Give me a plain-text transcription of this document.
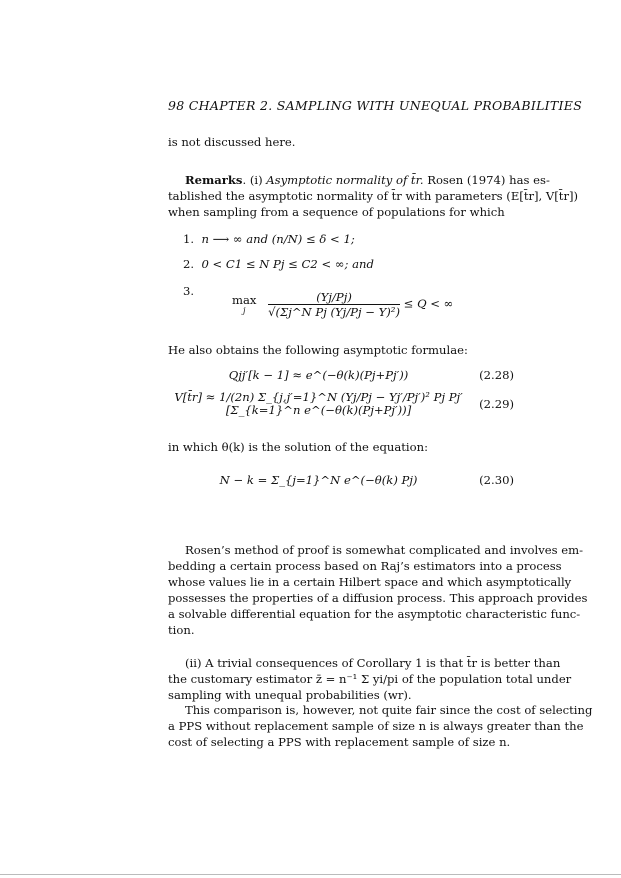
98 CHAPTER 2. SAMPLING WITH UNEQUAL PROBABILITIES
is not discussed here.
Remarks. (i) Asymptotic normality of t̄r. Rosen (1974) has es-
tablished the asymptotic normality of t̄r with parameters (E[t̄r], V[t̄r])
when sampling from a sequence of populations for which
1. n ⟶ ∞ and (n/N) ≤ δ < 1;
2. 0 < C1 ≤ N Pj ≤ C2 < ∞; and
3.
max
j $\frac{(Yj/Pj)}{\text{√(Σj\textasciicircum{}N Pj (Yj/Pj − Y)²)}} \le Q$ < ∞
He also obtains the following asymptotic formulae:
Qjj′[k − 1] ≈ e^(−θ(k)(Pj+Pj′))	(2.28)
V[t̄r] ≈ 1/(2n) Σ_{j,j′=1}^N (Yj/Pj − Yj′/Pj′)² Pj Pj′ [Σ_{k=1}^n e^(−θ(k)(Pj+Pj′))]	(2.29)
in which θ(k) is the solution of the equation:
N − k = Σ_{j=1}^N e^(−θ(k) Pj)	(2.30)
Rosen’s method of proof is somewhat complicated and involves em-
bedding a certain process based on Raj’s estimators into a process
whose values lie in a certain Hilbert space and which asymptotically
possesses the properties of a diffusion process. This approach provides
a solvable differential equation for the asymptotic characteristic func-
tion.
(ii) A trivial consequences of Corollary 1 is that t̄r is better than
the customary estimator z̄ = n⁻¹ Σ yi/pi of the population total under
sampling with unequal probabilities (wr).
This comparison is, however, not quite fair since the cost of selecting
a PPS without replacement sample of size n is always greater than the
cost of selecting a PPS with replacement sample of size n.
